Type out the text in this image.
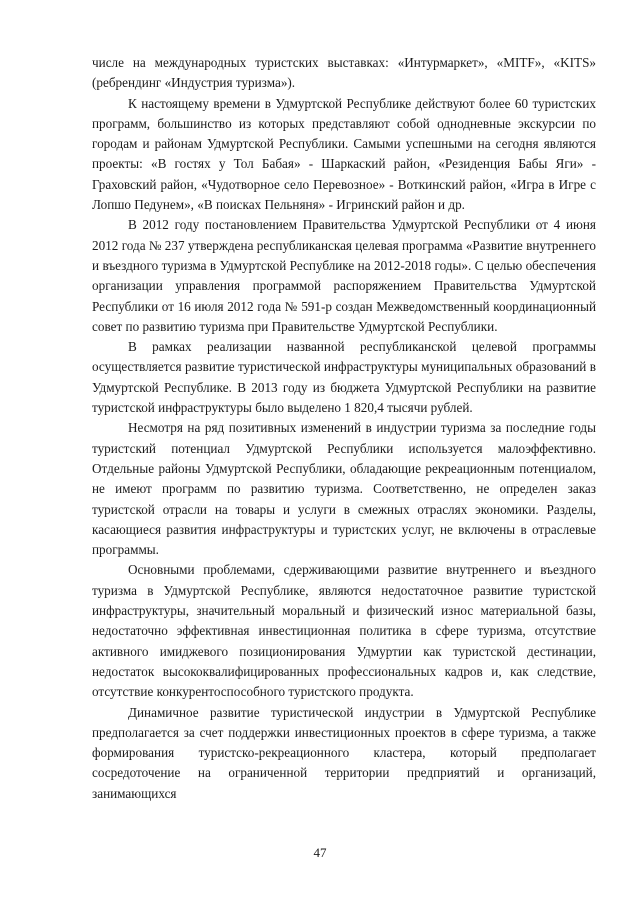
числе на международных туристских выставках: «Интурмаркет», «MITF», «KITS» (ребрендинг «Индустрия туризма»).

К настоящему времени в Удмуртской Республике действуют более 60 туристских программ, большинство из которых представляют собой однодневные экскурсии по городам и районам Удмуртской Республики. Самыми успешными на сегодня являются проекты: «В гостях у Тол Бабая» - Шаркаский район, «Резиденция Бабы Яги» - Граховский район, «Чудотворное село Перевозное» - Воткинский район, «Игра в Игре с Лопшо Педунем», «В поисках Пельняня» - Игринский район и др.

В 2012 году постановлением Правительства Удмуртской Республики от 4 июня 2012 года № 237 утверждена республиканская целевая программа «Развитие внутреннего и въездного туризма в Удмуртской Республике на 2012-2018 годы». С целью обеспечения организации управления программой распоряжением Правительства Удмуртской Республики от 16 июля 2012 года № 591-р создан Межведомственный координационный совет по развитию туризма при Правительстве Удмуртской Республики.

В рамках реализации названной республиканской целевой программы осуществляется развитие туристической инфраструктуры муниципальных образований в Удмуртской Республике. В 2013 году из бюджета Удмуртской Республики на развитие туристской инфраструктуры было выделено 1 820,4 тысячи рублей.

Несмотря на ряд позитивных изменений в индустрии туризма за последние годы туристский потенциал Удмуртской Республики используется малоэффективно. Отдельные районы Удмуртской Республики, обладающие рекреационным потенциалом, не имеют программ по развитию туризма. Соответственно, не определен заказ туристской отрасли на товары и услуги в смежных отраслях экономики. Разделы, касающиеся развития инфраструктуры и туристских услуг, не включены в отраслевые программы.

Основными проблемами, сдерживающими развитие внутреннего и въездного туризма в Удмуртской Республике, являются недостаточное развитие туристской инфраструктуры, значительный моральный и физический износ материальной базы, недостаточно эффективная инвестиционная политика в сфере туризма, отсутствие активного имиджевого позиционирования Удмуртии как туристской дестинации, недостаток высококвалифицированных профессиональных кадров и, как следствие, отсутствие конкурентоспособного туристского продукта.

Динамичное развитие туристической индустрии в Удмуртской Республике предполагается за счет поддержки инвестиционных проектов в сфере туризма, а также формирования туристско-рекреационного кластера, который предполагает сосредоточение на ограниченной территории предприятий и организаций, занимающихся

47
